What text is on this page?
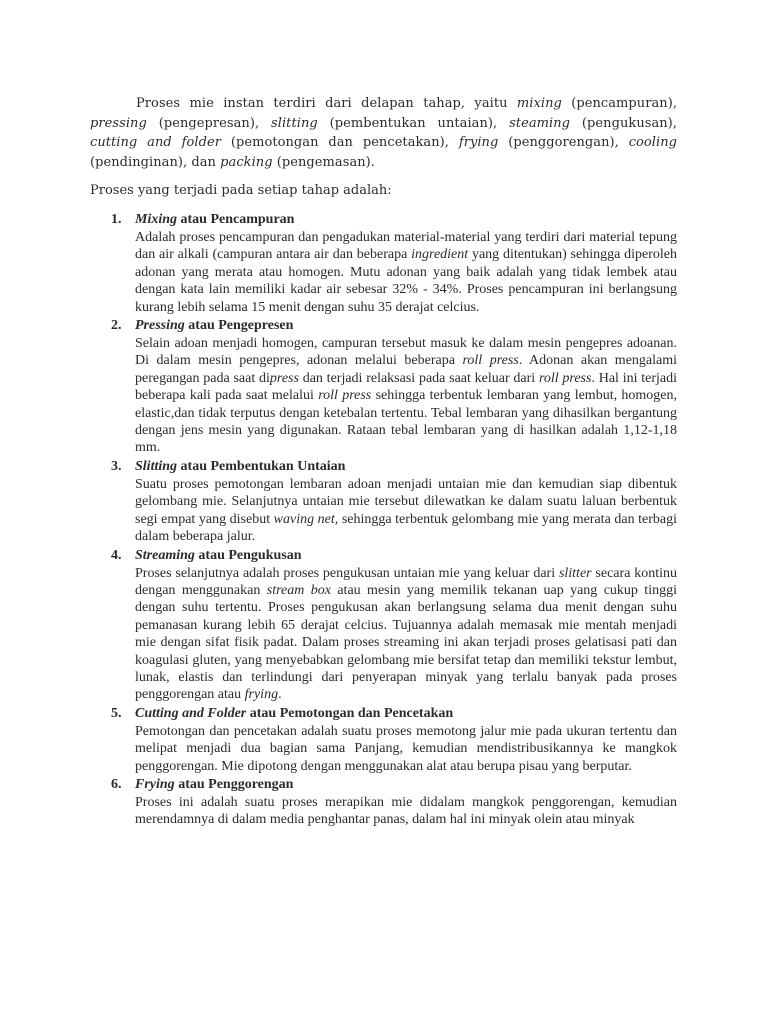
Proses mie instan terdiri dari delapan tahap, yaitu mixing (pencampuran), pressing (pengepresan), slitting (pembentukan untaian), steaming (pengukusan), cutting and folder (pemotongan dan pencetakan), frying (penggorengan), cooling (pendinginan), dan packing (pengemasan).

Proses yang terjadi pada setiap tahap adalah:

1. Mixing atau Pencampuran
Adalah proses pencampuran dan pengadukan material-material yang terdiri dari material tepung dan air alkali (campuran antara air dan beberapa ingredient yang ditentukan) sehingga diperoleh adonan yang merata atau homogen. Mutu adonan yang baik adalah yang tidak lembek atau dengan kata lain memiliki kadar air sebesar 32% - 34%. Proses pencampuran ini berlangsung kurang lebih selama 15 menit dengan suhu 35 derajat celcius.
2. Pressing atau Pengepresen
Selain adoan menjadi homogen, campuran tersebut masuk ke dalam mesin pengepres adoanan. Di dalam mesin pengepres, adonan melalui beberapa roll press. Adonan akan mengalami peregangan pada saat dipress dan terjadi relaksasi pada saat keluar dari roll press. Hal ini terjadi beberapa kali pada saat melalui roll press sehingga terbentuk lembaran yang lembut, homogen, elastic,dan tidak terputus dengan ketebalan tertentu. Tebal lembaran yang dihasilkan bergantung dengan jens mesin yang digunakan. Rataan tebal lembaran yang di hasilkan adalah 1,12-1,18 mm.
3. Slitting atau Pembentukan Untaian
Suatu proses pemotongan lembaran adoan menjadi untaian mie dan kemudian siap dibentuk gelombang mie. Selanjutnya untaian mie tersebut dilewatkan ke dalam suatu laluan berbentuk segi empat yang disebut waving net, sehingga terbentuk gelombang mie yang merata dan terbagi dalam beberapa jalur.
4. Streaming atau Pengukusan
Proses selanjutnya adalah proses pengukusan untaian mie yang keluar dari slitter secara kontinu dengan menggunakan stream box atau mesin yang memilik tekanan uap yang cukup tinggi dengan suhu tertentu. Proses pengukusan akan berlangsung selama dua menit dengan suhu pemanasan kurang lebih 65 derajat celcius. Tujuannya adalah memasak mie mentah menjadi mie dengan sifat fisik padat. Dalam proses streaming ini akan terjadi proses gelatisasi pati dan koagulasi gluten, yang menyebabkan gelombang mie bersifat tetap dan memiliki tekstur lembut, lunak, elastis dan terlindungi dari penyerapan minyak yang terlalu banyak pada proses penggorengan atau frying.
5. Cutting and Folder atau Pemotongan dan Pencetakan
Pemotongan dan pencetakan adalah suatu proses memotong jalur mie pada ukuran tertentu dan melipat menjadi dua bagian sama Panjang, kemudian mendistribusikannya ke mangkok penggorengan. Mie dipotong dengan menggunakan alat atau berupa pisau yang berputar.
6. Frying atau Penggorengan
Proses ini adalah suatu proses merapikan mie didalam mangkok penggorengan, kemudian merendamnya di dalam media penghantar panas, dalam hal ini minyak olein atau minyak
